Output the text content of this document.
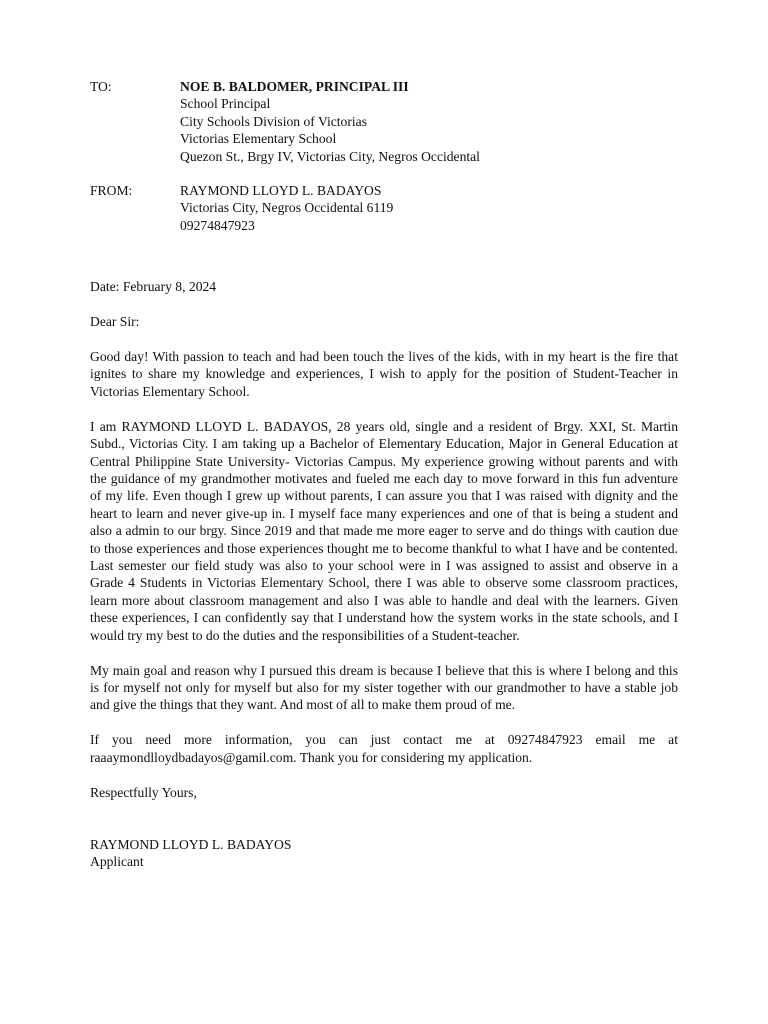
TO:	NOE B. BALDOMER, PRINCIPAL III
School Principal
City Schools Division of Victorias
Victorias Elementary School
Quezon St., Brgy IV, Victorias City, Negros Occidental
FROM:	RAYMOND LLOYD L. BADAYOS
Victorias City, Negros Occidental 6119
09274847923
Date: February 8, 2024
Dear Sir:

Good day! With passion to teach and had been touch the lives of the kids, with in my heart is the fire that ignites to share my knowledge and experiences, I wish to apply for the position of Student-Teacher in Victorias Elementary School.

I am RAYMOND LLOYD L. BADAYOS, 28 years old, single and a resident of Brgy. XXI, St. Martin Subd., Victorias City. I am taking up a Bachelor of Elementary Education, Major in General Education at Central Philippine State University- Victorias Campus. My experience growing without parents and with the guidance of my grandmother motivates and fueled me each day to move forward in this fun adventure of my life. Even though I grew up without parents, I can assure you that I was raised with dignity and the heart to learn and never give-up in. I myself face many experiences and one of that is being a student and also a admin to our brgy. Since 2019 and that made me more eager to serve and do things with caution due to those experiences and those experiences thought me to become thankful to what I have and be contented. Last semester our field study was also to your school were in I was assigned to assist and observe in a Grade 4 Students in Victorias Elementary School, there I was able to observe some classroom practices, learn more about classroom management and also I was able to handle and deal with the learners. Given these experiences, I can confidently say that I understand how the system works in the state schools, and I would try my best to do the duties and the responsibilities of a Student-teacher.

My main goal and reason why I pursued this dream is because I believe that this is where I belong and this is for myself not only for myself but also for my sister together with our grandmother to have a stable job and give the things that they want. And most of all to make them proud of me.

If you need more information, you can just contact me at 09274847923 email me at raaaymondlloydbadayos@gamil.com. Thank you for considering my application.

Respectfully Yours,
RAYMOND LLOYD L. BADAYOS
Applicant
